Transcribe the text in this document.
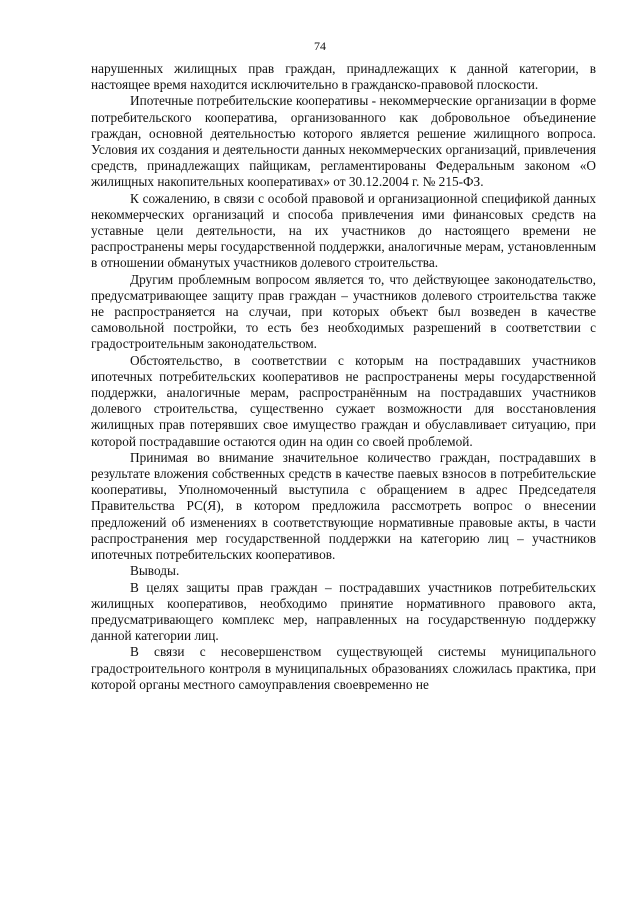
74

нарушенных жилищных прав граждан, принадлежащих к данной категории, в настоящее время находится исключительно в гражданско-правовой плоскости.

Ипотечные потребительские кооперативы - некоммерческие организации в форме потребительского кооператива, организованного как добровольное объединение граждан, основной деятельностью которого является решение жилищного вопроса. Условия их создания и деятельности данных некоммерческих организаций, привлечения средств, принадлежащих пайщикам, регламентированы Федеральным законом «О жилищных накопительных кооперативах» от 30.12.2004 г. № 215-ФЗ.

К сожалению, в связи с особой правовой и организационной спецификой данных некоммерческих организаций и способа привлечения ими финансовых средств на уставные цели деятельности, на их участников до настоящего времени не распространены меры государственной поддержки, аналогичные мерам, установленным в отношении обманутых участников долевого строительства.

Другим проблемным вопросом является то, что действующее законодательство, предусматривающее защиту прав граждан – участников долевого строительства также не распространяется на случаи, при которых объект был возведен в качестве самовольной постройки, то есть без необходимых разрешений в соответствии с градостроительным законодательством.

Обстоятельство, в соответствии с которым на пострадавших участников ипотечных потребительских кооперативов не распространены меры государственной поддержки, аналогичные мерам, распространённым на пострадавших участников долевого строительства, существенно сужает возможности для восстановления жилищных прав потерявших свое имущество граждан и обуславливает ситуацию, при которой пострадавшие остаются один на один со своей проблемой.

Принимая во внимание значительное количество граждан, пострадавших в результате вложения собственных средств в качестве паевых взносов в потребительские кооперативы, Уполномоченный выступила с обращением в адрес Председателя Правительства РС(Я), в котором предложила рассмотреть вопрос о внесении предложений об изменениях в соответствующие нормативные правовые акты, в части распространения мер государственной поддержки на категорию лиц – участников ипотечных потребительских кооперативов.

Выводы.

В целях защиты прав граждан – пострадавших участников потребительских жилищных кооперативов, необходимо принятие нормативного правового акта, предусматривающего комплекс мер, направленных на государственную поддержку данной категории лиц.

В связи с несовершенством существующей системы муниципального градостроительного контроля в муниципальных образованиях сложилась практика, при которой органы местного самоуправления своевременно не
